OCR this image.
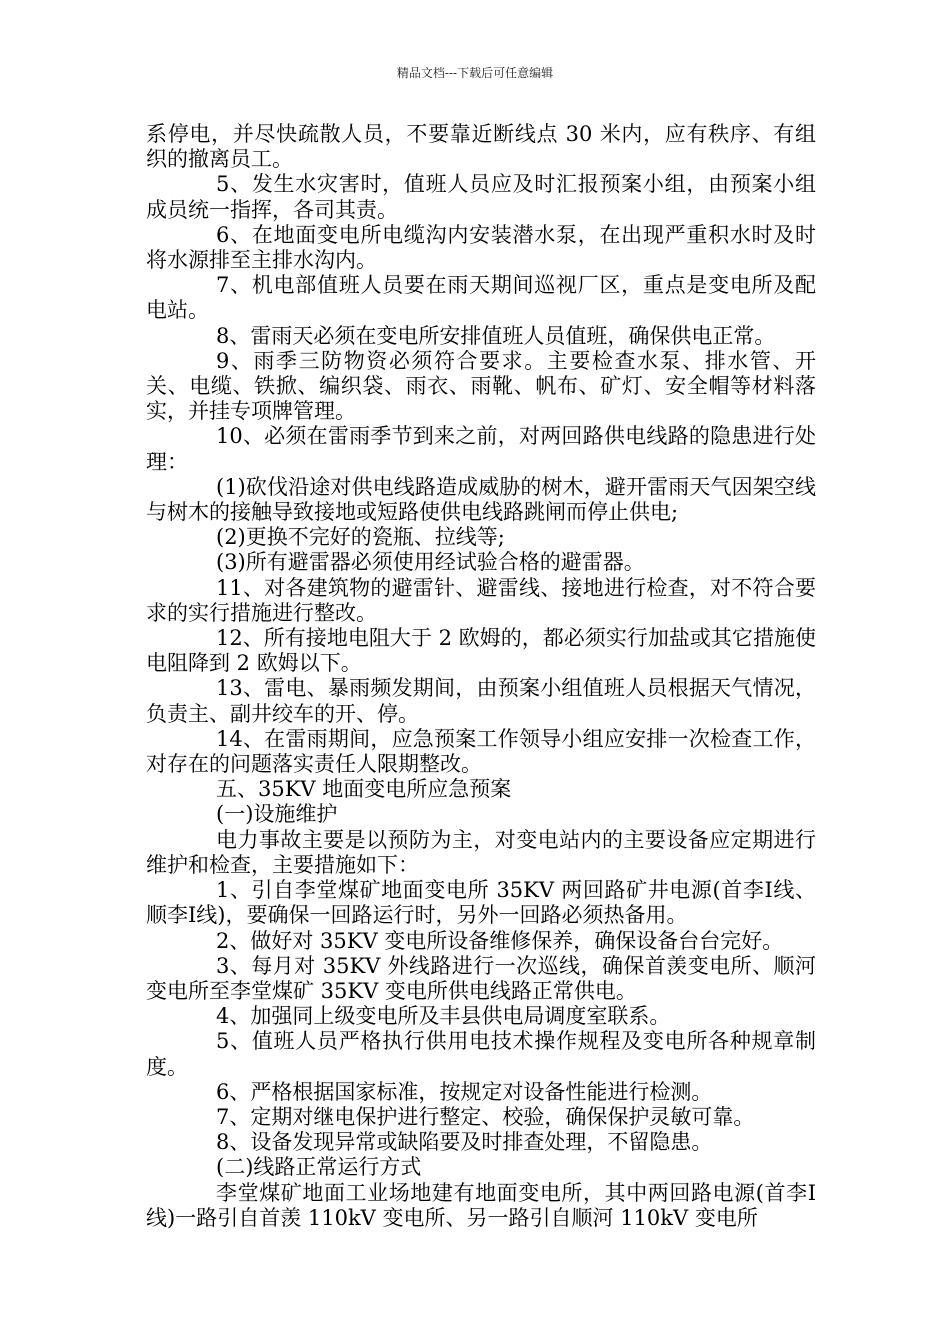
精品文档---下载后可任意编辑

系停电，并尽快疏散人员，不要靠近断线点 30 米内，应有秩序、有组织的撤离员工。

5、发生水灾害时，值班人员应及时汇报预案小组，由预案小组成员统一指挥，各司其责。

6、在地面变电所电缆沟内安装潜水泵，在出现严重积水时及时将水源排至主排水沟内。

7、机电部值班人员要在雨天期间巡视厂区，重点是变电所及配电站。

8、雷雨天必须在变电所安排值班人员值班，确保供电正常。

9、雨季三防物资必须符合要求。主要检查水泵、排水管、开关、电缆、铁掀、编织袋、雨衣、雨靴、帆布、矿灯、安全帽等材料落实，并挂专项牌管理。

10、必须在雷雨季节到来之前，对两回路供电线路的隐患进行处理：

(1)砍伐沿途对供电线路造成威胁的树木，避开雷雨天气因架空线与树木的接触导致接地或短路使供电线路跳闸而停止供电;

(2)更换不完好的瓷瓶、拉线等;

(3)所有避雷器必须使用经试验合格的避雷器。

11、对各建筑物的避雷针、避雷线、接地进行检查，对不符合要求的实行措施进行整改。

12、所有接地电阻大于 2 欧姆的，都必须实行加盐或其它措施使电阻降到 2 欧姆以下。

13、雷电、暴雨频发期间，由预案小组值班人员根据天气情况，负责主、副井绞车的开、停。

14、在雷雨期间，应急预案工作领导小组应安排一次检查工作，对存在的问题落实责任人限期整改。

五、35KV 地面变电所应急预案

(一)设施维护

电力事故主要是以预防为主，对变电站内的主要设备应定期进行维护和检查，主要措施如下：

1、引自李堂煤矿地面变电所 35KV 两回路矿井电源(首李Ⅰ线、顺李Ⅰ线)，要确保一回路运行时，另外一回路必须热备用。

2、做好对 35KV 变电所设备维修保养，确保设备台台完好。

3、每月对 35KV 外线路进行一次巡线，确保首羡变电所、顺河变电所至李堂煤矿 35KV 变电所供电线路正常供电。

4、加强同上级变电所及丰县供电局调度室联系。

5、值班人员严格执行供用电技术操作规程及变电所各种规章制度。

6、严格根据国家标准，按规定对设备性能进行检测。

7、定期对继电保护进行整定、校验，确保保护灵敏可靠。

8、设备发现异常或缺陷要及时排查处理，不留隐患。

(二)线路正常运行方式

李堂煤矿地面工业场地建有地面变电所，其中两回路电源(首李Ⅰ线)一路引自首羡 110kV 变电所、另一路引自顺河 110kV 变电所
